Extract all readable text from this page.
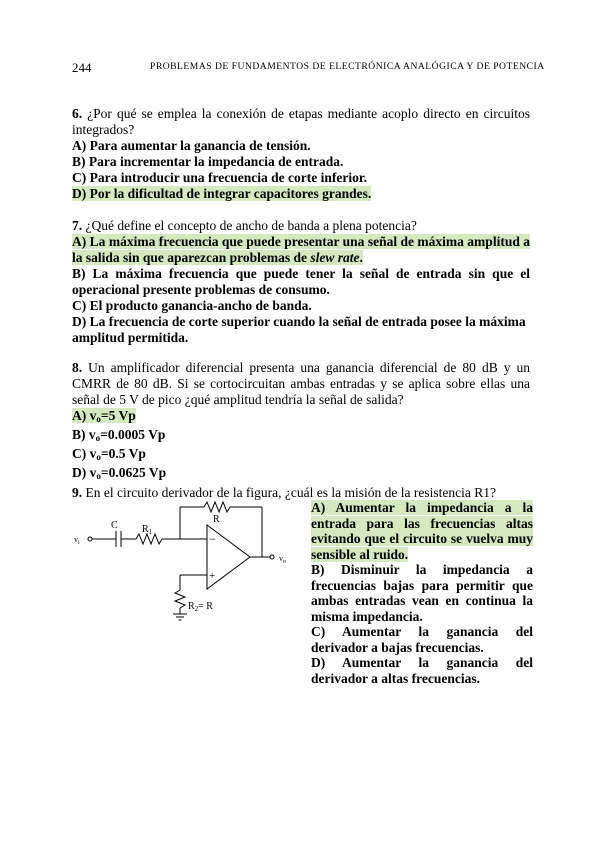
244	PROBLEMAS DE FUNDAMENTOS DE ELECTRÓNICA ANALÓGICA Y DE POTENCIA
6. ¿Por qué se emplea la conexión de etapas mediante acoplo directo en circuitos integrados?
A) Para aumentar la ganancia de tensión.
B) Para incrementar la impedancia de entrada.
C) Para introducir una frecuencia de corte inferior.
D) Por la dificultad de integrar capacitores grandes.
7. ¿Qué define el concepto de ancho de banda a plena potencia?
A) La máxima frecuencia que puede presentar una señal de máxima amplitud a la salida sin que aparezcan problemas de slew rate.
B) La máxima frecuencia que puede tener la señal de entrada sin que el operacional presente problemas de consumo.
C) El producto ganancia-ancho de banda.
D) La frecuencia de corte superior cuando la señal de entrada posee la máxima amplitud permitida.
8. Un amplificador diferencial presenta una ganancia diferencial de 80 dB y un CMRR de 80 dB. Si se cortocircuitan ambas entradas y se aplica sobre ellas una señal de 5 V de pico ¿qué amplitud tendría la señal de salida?
A) $v_o=5$ Vp
B) $v_o=0.0005$ Vp
C) $v_o=0.5$ Vp
D) $v_o=0.0625$ Vp
9. En el circuito derivador de la figura, ¿cuál es la misión de la resistencia R1?
C $R_1$
R
$v_i$
$v_o$
−
+
$R_2= R$
A) Aumentar la impedancia a la entrada para las frecuencias altas evitando que el circuito se vuelva muy sensible al ruido.
B) Disminuir la impedancia a frecuencias bajas para permitir que ambas entradas vean en continua la misma impedancia.
C) Aumentar la ganancia del derivador a bajas frecuencias.
D) Aumentar la ganancia del derivador a altas frecuencias.
